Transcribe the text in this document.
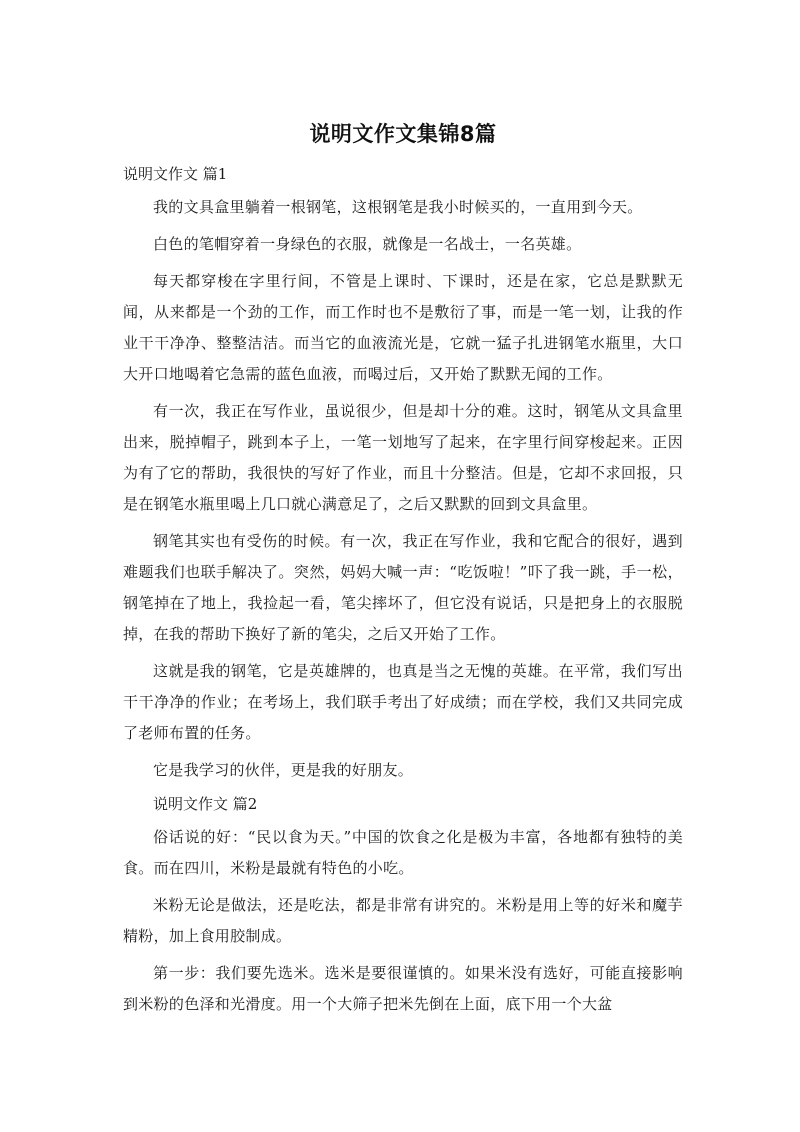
说明文作文集锦8篇
说明文作文 篇1

我的文具盒里躺着一根钢笔，这根钢笔是我小时候买的，一直用到今天。

白色的笔帽穿着一身绿色的衣服，就像是一名战士，一名英雄。

每天都穿梭在字里行间，不管是上课时、下课时，还是在家，它总是默默无闻，从来都是一个劲的工作，而工作时也不是敷衍了事，而是一笔一划，让我的作业干干净净、整整洁洁。而当它的血液流光是，它就一猛子扎进钢笔水瓶里，大口大开口地喝着它急需的蓝色血液，而喝过后，又开始了默默无闻的工作。

有一次，我正在写作业，虽说很少，但是却十分的难。这时，钢笔从文具盒里出来，脱掉帽子，跳到本子上，一笔一划地写了起来，在字里行间穿梭起来。正因为有了它的帮助，我很快的写好了作业，而且十分整洁。但是，它却不求回报，只是在钢笔水瓶里喝上几口就心满意足了，之后又默默的回到文具盒里。

钢笔其实也有受伤的时候。有一次，我正在写作业，我和它配合的很好，遇到难题我们也联手解决了。突然，妈妈大喊一声：“吃饭啦！”吓了我一跳，手一松，钢笔掉在了地上，我捡起一看，笔尖摔坏了，但它没有说话，只是把身上的衣服脱掉，在我的帮助下换好了新的笔尖，之后又开始了工作。

这就是我的钢笔，它是英雄牌的，也真是当之无愧的英雄。在平常，我们写出干干净净的作业；在考场上，我们联手考出了好成绩；而在学校，我们又共同完成了老师布置的任务。

它是我学习的伙伴，更是我的好朋友。

说明文作文 篇2

俗话说的好：“民以食为天。”中国的饮食之化是极为丰富，各地都有独特的美食。而在四川，米粉是最就有特色的小吃。

米粉无论是做法，还是吃法，都是非常有讲究的。米粉是用上等的好米和魔芋精粉，加上食用胶制成。

第一步：我们要先选米。选米是要很谨慎的。如果米没有选好，可能直接影响到米粉的色泽和光滑度。用一个大筛子把米先倒在上面，底下用一个大盆
